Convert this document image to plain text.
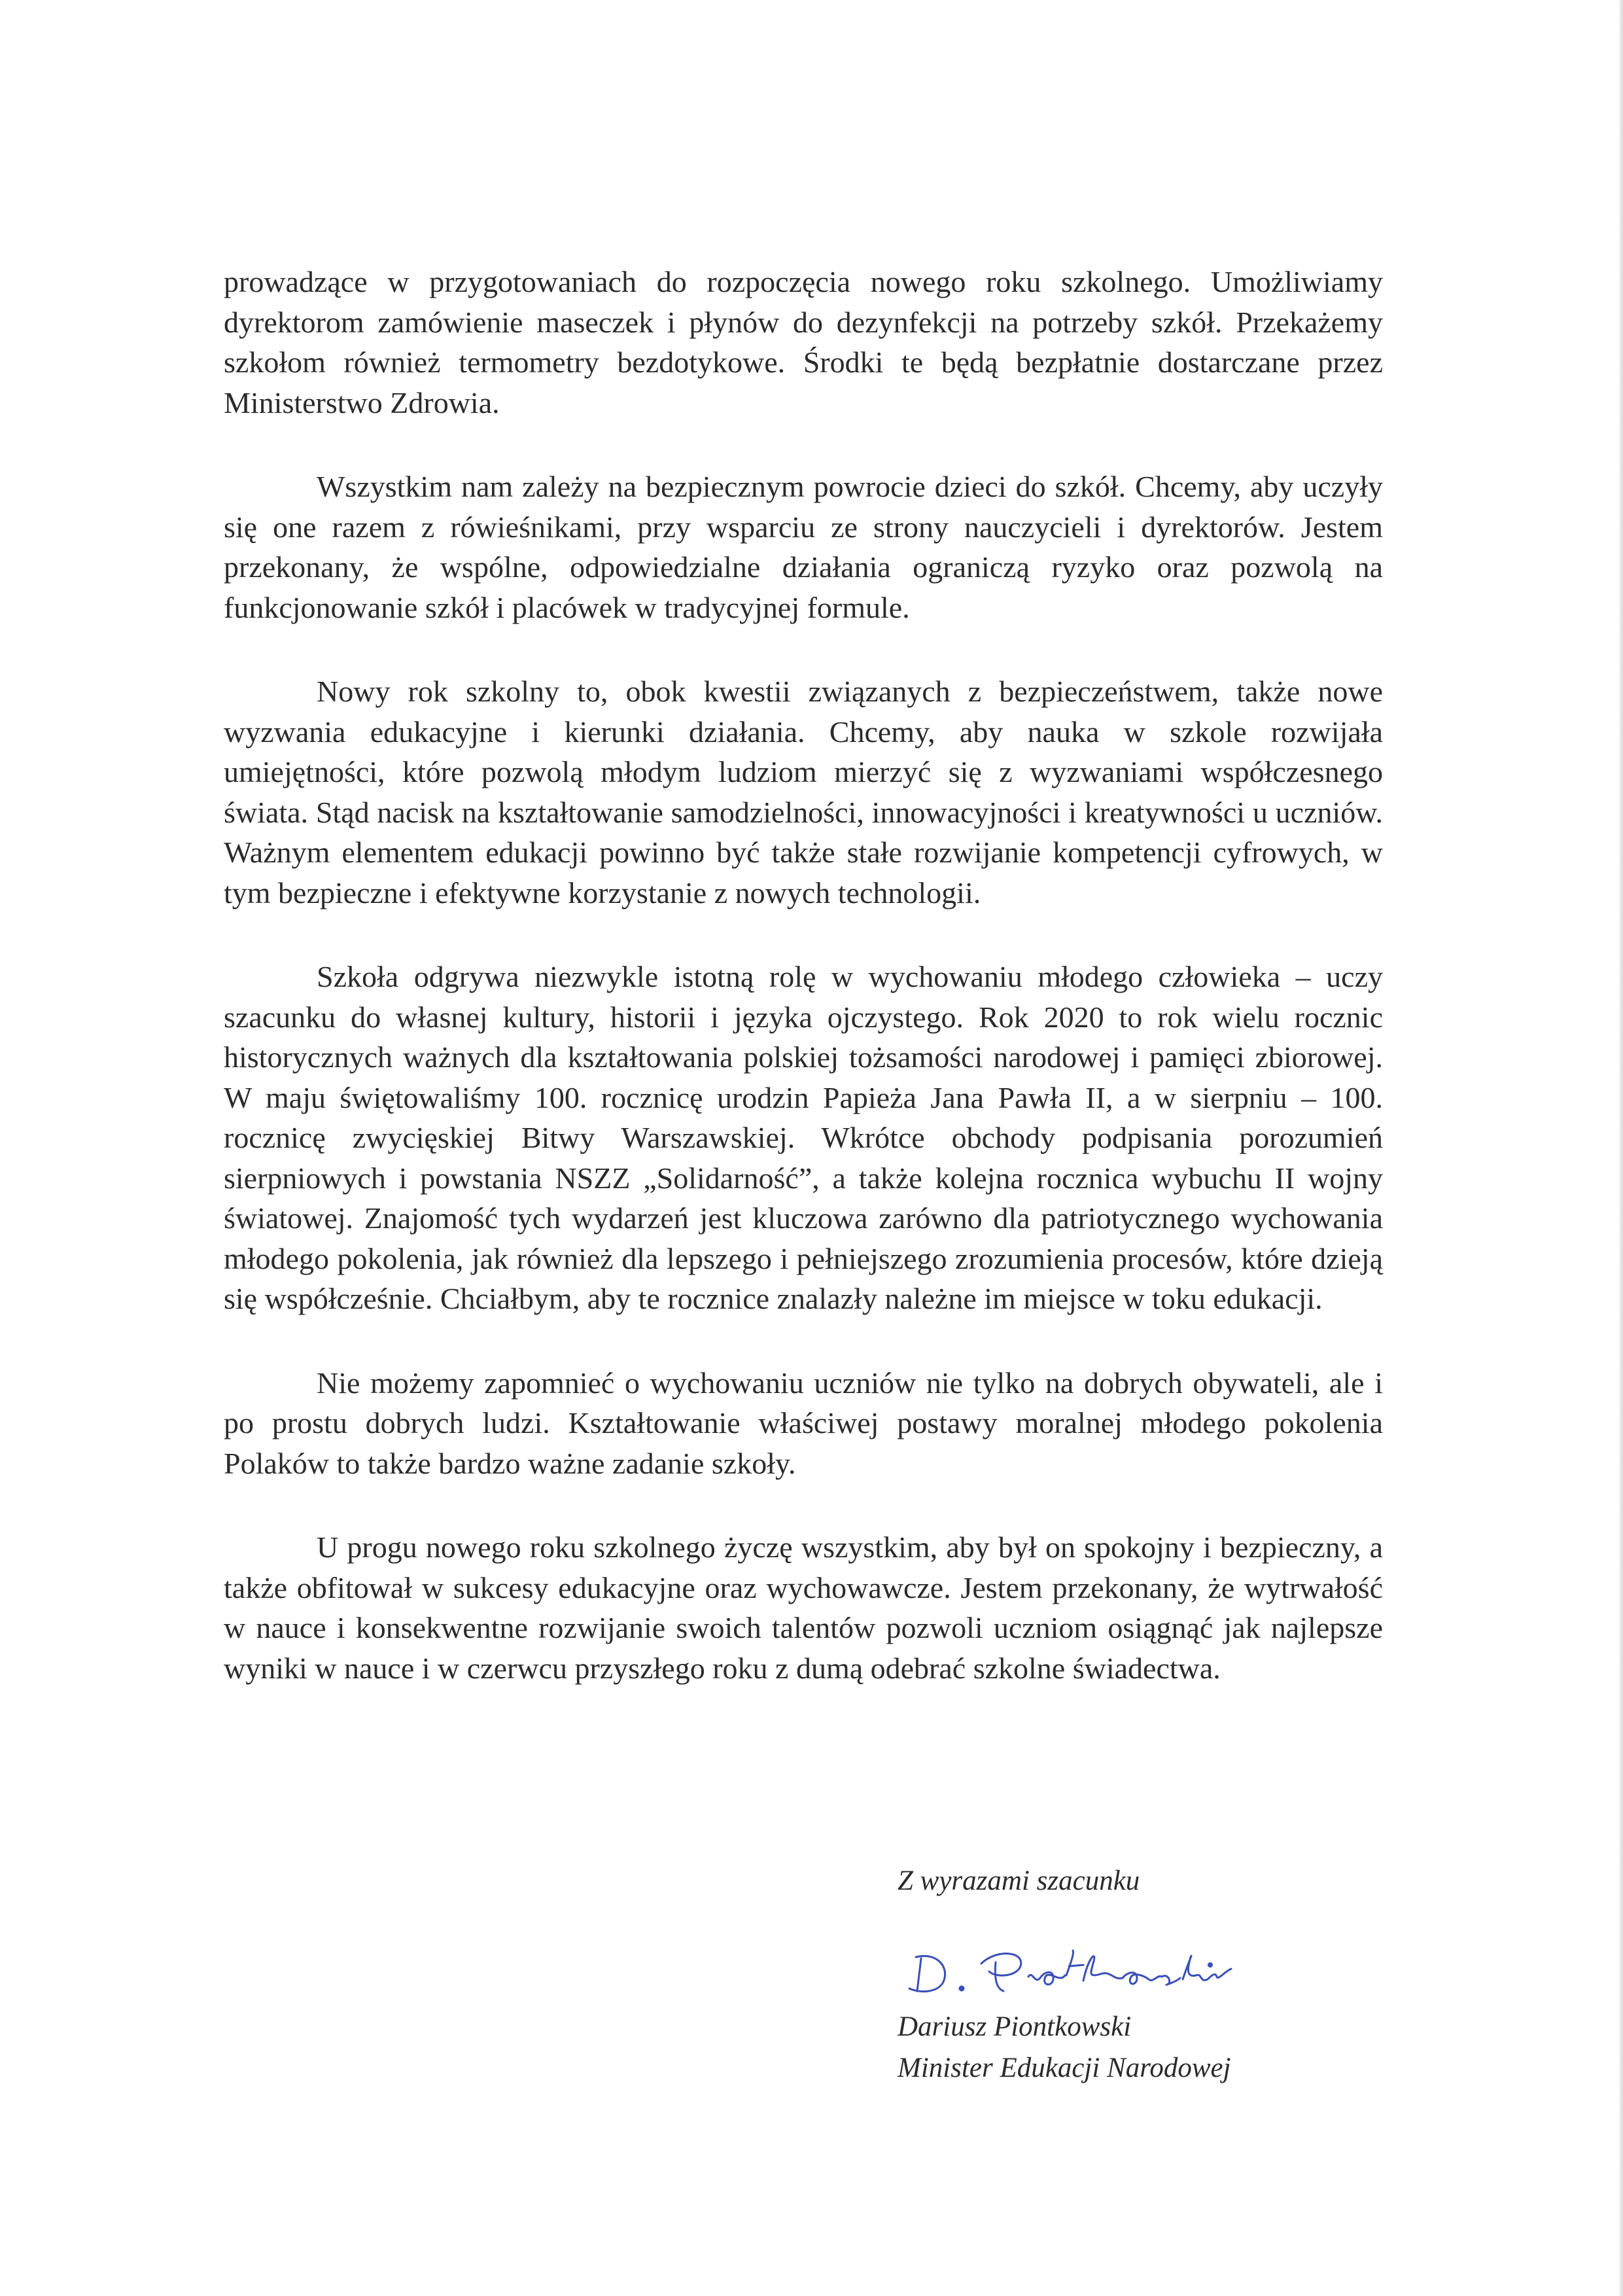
prowadzące w przygotowaniach do rozpoczęcia nowego roku szkolnego. Umożliwiamy dyrektorom zamówienie maseczek i płynów do dezynfekcji na potrzeby szkół. Przekażemy szkołom również termometry bezdotykowe. Środki te będą bezpłatnie dostarczane przez Ministerstwo Zdrowia.

Wszystkim nam zależy na bezpiecznym powrocie dzieci do szkół. Chcemy, aby uczyły się one razem z rówieśnikami, przy wsparciu ze strony nauczycieli i dyrektorów. Jestem przekonany, że wspólne, odpowiedzialne działania ograniczą ryzyko oraz pozwolą na funkcjonowanie szkół i placówek w tradycyjnej formule.

Nowy rok szkolny to, obok kwestii związanych z bezpieczeństwem, także nowe wyzwania edukacyjne i kierunki działania. Chcemy, aby nauka w szkole rozwijała umiejętności, które pozwolą młodym ludziom mierzyć się z wyzwaniami współczesnego świata. Stąd nacisk na kształtowanie samodzielności, innowacyjności i kreatywności u uczniów. Ważnym elementem edukacji powinno być także stałe rozwijanie kompetencji cyfrowych, w tym bezpieczne i efektywne korzystanie z nowych technologii.

Szkoła odgrywa niezwykle istotną rolę w wychowaniu młodego człowieka – uczy szacunku do własnej kultury, historii i języka ojczystego. Rok 2020 to rok wielu rocznic historycznych ważnych dla kształtowania polskiej tożsamości narodowej i pamięci zbiorowej. W maju świętowaliśmy 100. rocznicę urodzin Papieża Jana Pawła II, a w sierpniu – 100. rocznicę zwycięskiej Bitwy Warszawskiej. Wkrótce obchody podpisania porozumień sierpniowych i powstania NSZZ „Solidarność”, a także kolejna rocznica wybuchu II wojny światowej. Znajomość tych wydarzeń jest kluczowa zarówno dla patriotycznego wychowania młodego pokolenia, jak również dla lepszego i pełniejszego zrozumienia procesów, które dzieją się współcześnie. Chciałbym, aby te rocznice znalazły należne im miejsce w toku edukacji.

Nie możemy zapomnieć o wychowaniu uczniów nie tylko na dobrych obywateli, ale i po prostu dobrych ludzi. Kształtowanie właściwej postawy moralnej młodego pokolenia Polaków to także bardzo ważne zadanie szkoły.

U progu nowego roku szkolnego życzę wszystkim, aby był on spokojny i bezpieczny, a także obfitował w sukcesy edukacyjne oraz wychowawcze. Jestem przekonany, że wytrwałość w nauce i konsekwentne rozwijanie swoich talentów pozwoli uczniom osiągnąć jak najlepsze wyniki w nauce i w czerwcu przyszłego roku z dumą odebrać szkolne świadectwa.

Z wyrazami szacunku

Dariusz Piontkowski

Minister Edukacji Narodowej
